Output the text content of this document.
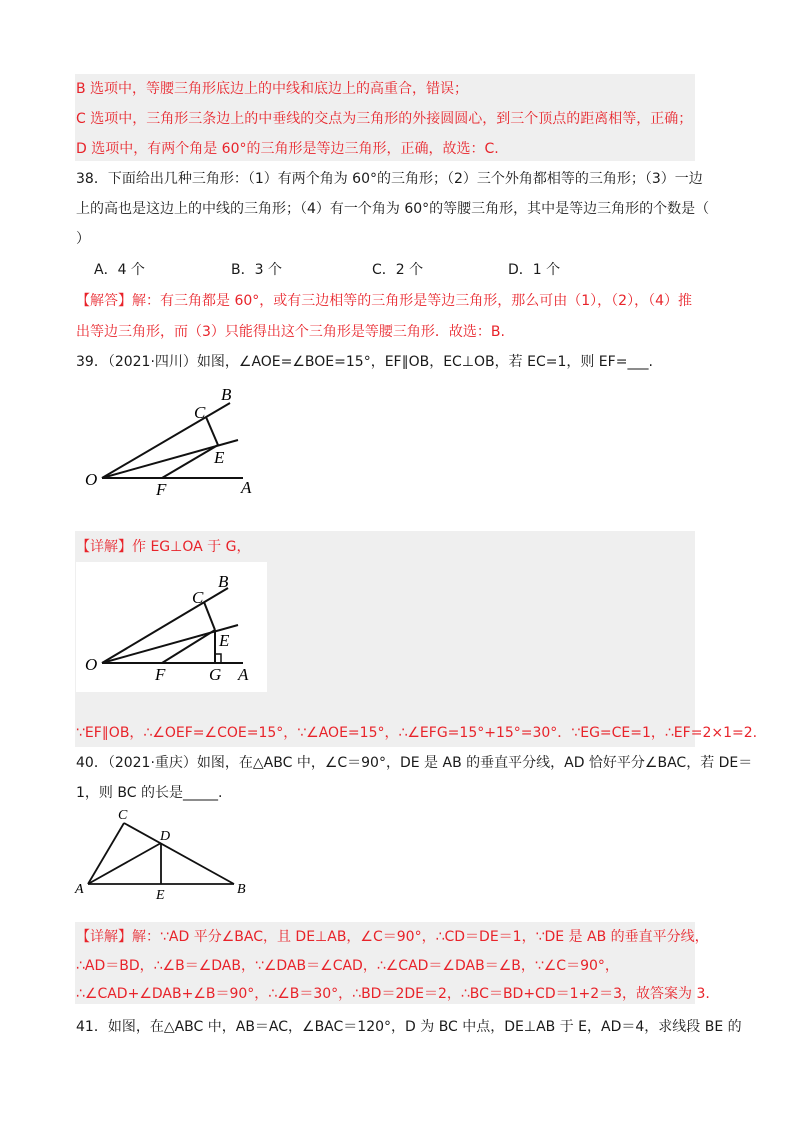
B 选项中，等腰三角形底边上的中线和底边上的高重合，错误；
C 选项中，三角形三条边上的中垂线的交点为三角形的外接圆圆心，到三个顶点的距离相等，正确；
D 选项中，有两个角是 60°的三角形是等边三角形，正确，故选：C.
38．下面给出几种三角形：（1）有两个角为 60°的三角形；（2）三个外角都相等的三角形；（3）一边
上的高也是这边上的中线的三角形；（4）有一个角为 60°的等腰三角形，其中是等边三角形的个数是（
）
A．4 个	B．3 个	C．2 个	D．1 个
【解答】解：有三角都是 60°，或有三边相等的三角形是等边三角形，那么可由（1），（2），（4）推
出等边三角形，而（3）只能得出这个三角形是等腰三角形．故选：B.
39．（2021·四川）如图，∠AOE=∠BOE=15°，EF∥OB，EC⊥OB，若 EC=1，则 EF=___.
B
C
E
O
F	A
【详解】作 EG⊥OA 于 G，
B
C
E
O
F	G A
∵EF∥OB，∴∠OEF=∠COE=15°，∵∠AOE=15°，∴∠EFG=15°+15°=30°．∵EG=CE=1，∴EF=2×1=2.
40．（2021·重庆）如图，在△ABC 中，∠C＝90°，DE 是 AB 的垂直平分线，AD 恰好平分∠BAC，若 DE＝
1，则 BC 的长是_____.
C
D
A	E	B
【详解】解：∵AD 平分∠BAC，且 DE⊥AB，∠C＝90°，∴CD＝DE＝1，∵DE 是 AB 的垂直平分线，
∴AD＝BD，∴∠B＝∠DAB，∵∠DAB＝∠CAD，∴∠CAD＝∠DAB＝∠B，∵∠C＝90°，
∴∠CAD+∠DAB+∠B＝90°，∴∠B＝30°，∴BD＝2DE＝2，∴BC＝BD+CD＝1+2＝3，故答案为 3.
41．如图，在△ABC 中，AB＝AC，∠BAC＝120°，D 为 BC 中点，DE⊥AB 于 E，AD＝4，求线段 BE 的
